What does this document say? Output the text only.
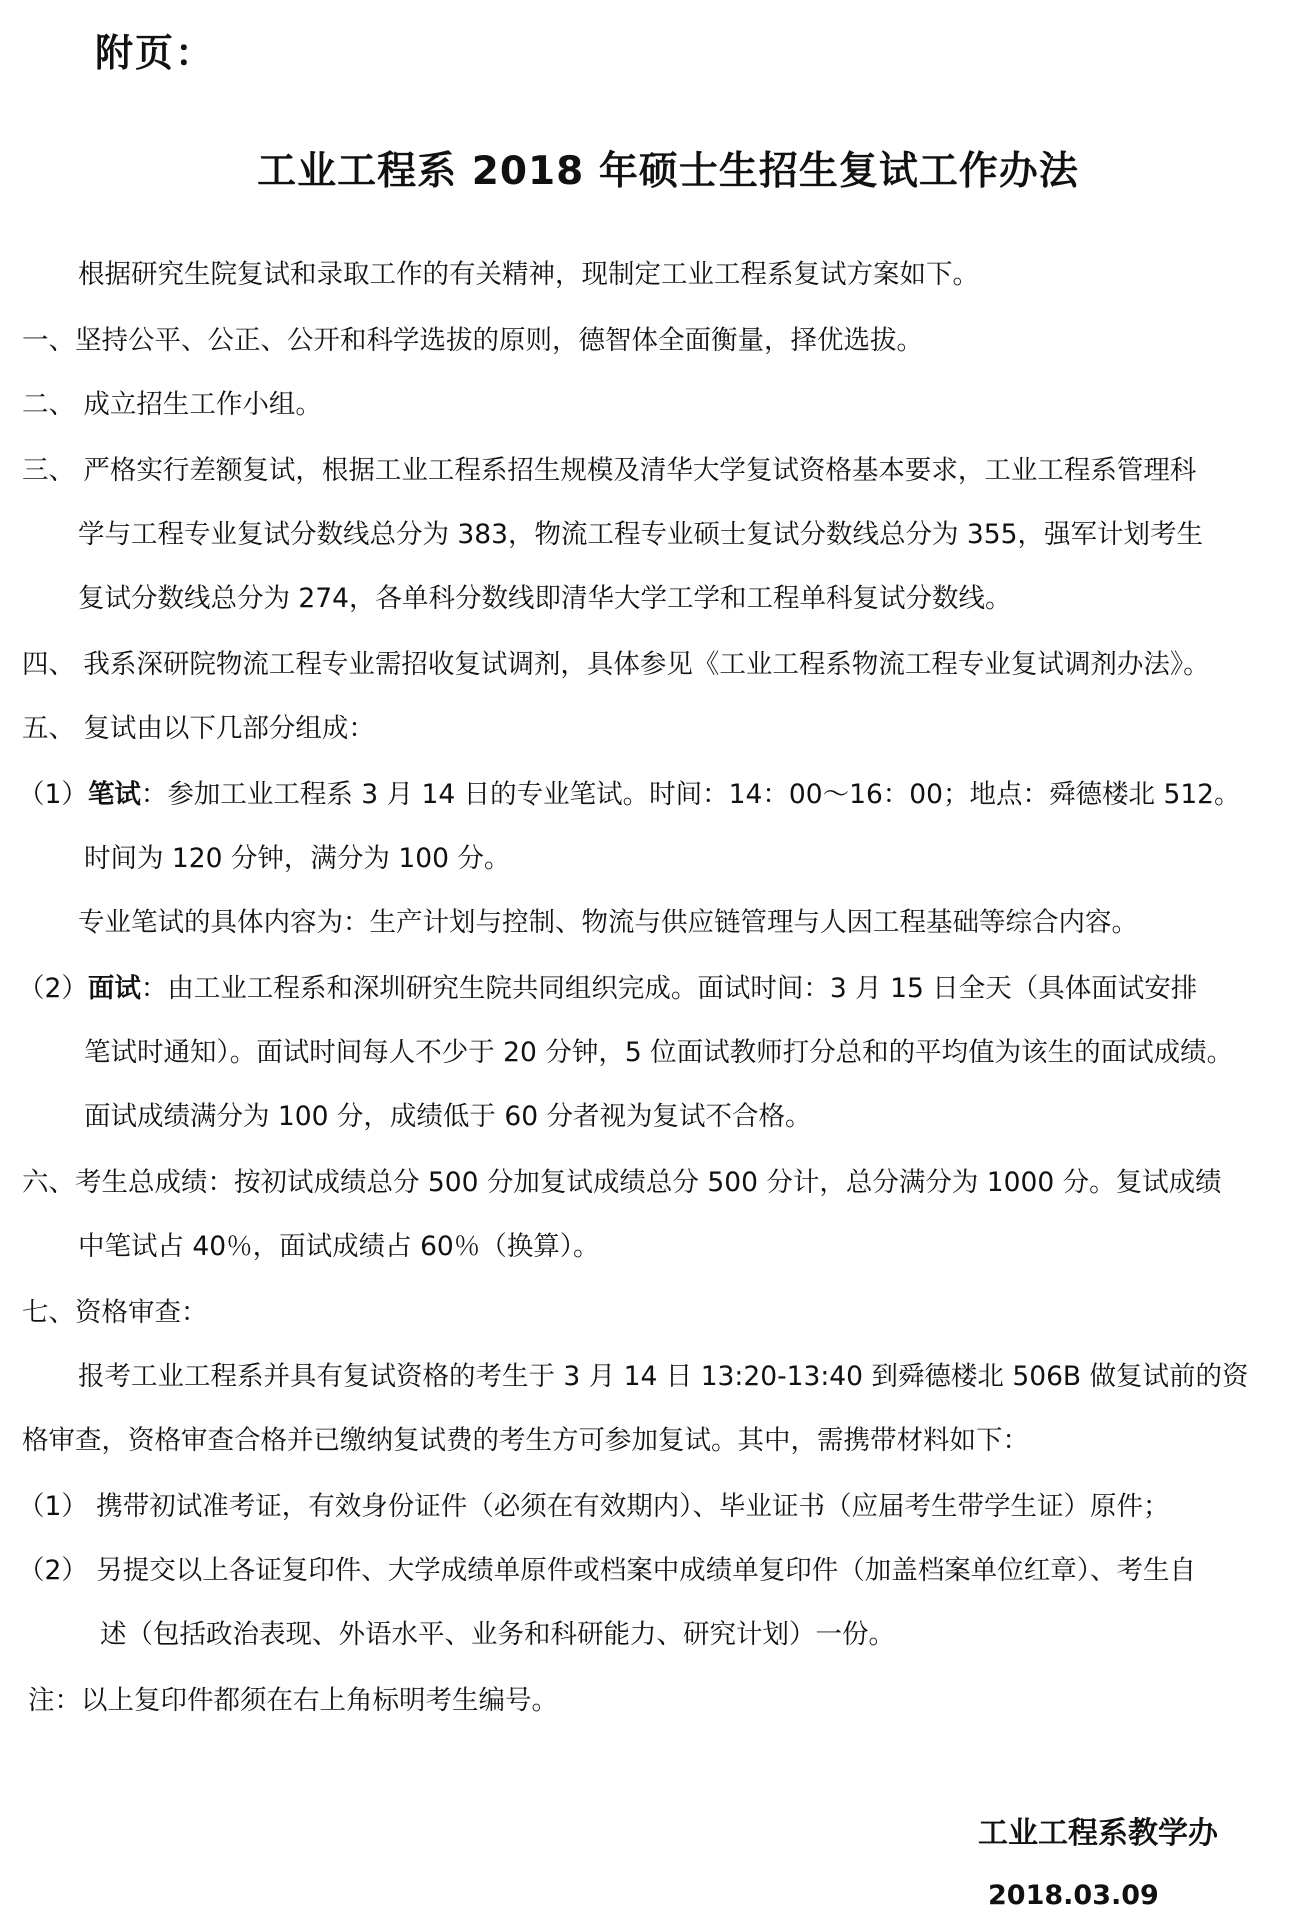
附页：
工业工程系 2018 年硕士生招生复试工作办法
根据研究生院复试和录取工作的有关精神，现制定工业工程系复试方案如下。
一、坚持公平、公正、公开和科学选拔的原则，德智体全面衡量，择优选拔。
二、 成立招生工作小组。
三、 严格实行差额复试，根据工业工程系招生规模及清华大学复试资格基本要求，工业工程系管理科
学与工程专业复试分数线总分为 383，物流工程专业硕士复试分数线总分为 355，强军计划考生
复试分数线总分为 274，各单科分数线即清华大学工学和工程单科复试分数线。
四、 我系深研院物流工程专业需招收复试调剂，具体参见《工业工程系物流工程专业复试调剂办法》。
五、 复试由以下几部分组成：
（1）笔试：参加工业工程系 3 月 14 日的专业笔试。时间：14：00～16：00；地点：舜德楼北 512。
时间为 120 分钟，满分为 100 分。
专业笔试的具体内容为：生产计划与控制、物流与供应链管理与人因工程基础等综合内容。
（2）面试：由工业工程系和深圳研究生院共同组织完成。面试时间：3 月 15 日全天（具体面试安排
笔试时通知）。面试时间每人不少于 20 分钟，5 位面试教师打分总和的平均值为该生的面试成绩。
面试成绩满分为 100 分，成绩低于 60 分者视为复试不合格。
六、考生总成绩：按初试成绩总分 500 分加复试成绩总分 500 分计，总分满分为 1000 分。复试成绩
中笔试占 40％，面试成绩占 60％（换算）。
七、资格审查：
报考工业工程系并具有复试资格的考生于 3 月 14 日 13:20-13:40 到舜德楼北 506B 做复试前的资
格审查，资格审查合格并已缴纳复试费的考生方可参加复试。其中，需携带材料如下：
（1） 携带初试准考证，有效身份证件（必须在有效期内）、毕业证书（应届考生带学生证）原件；
（2） 另提交以上各证复印件、大学成绩单原件或档案中成绩单复印件（加盖档案单位红章）、考生自
述（包括政治表现、外语水平、业务和科研能力、研究计划）一份。
注：以上复印件都须在右上角标明考生编号。
工业工程系教学办
2018.03.09
